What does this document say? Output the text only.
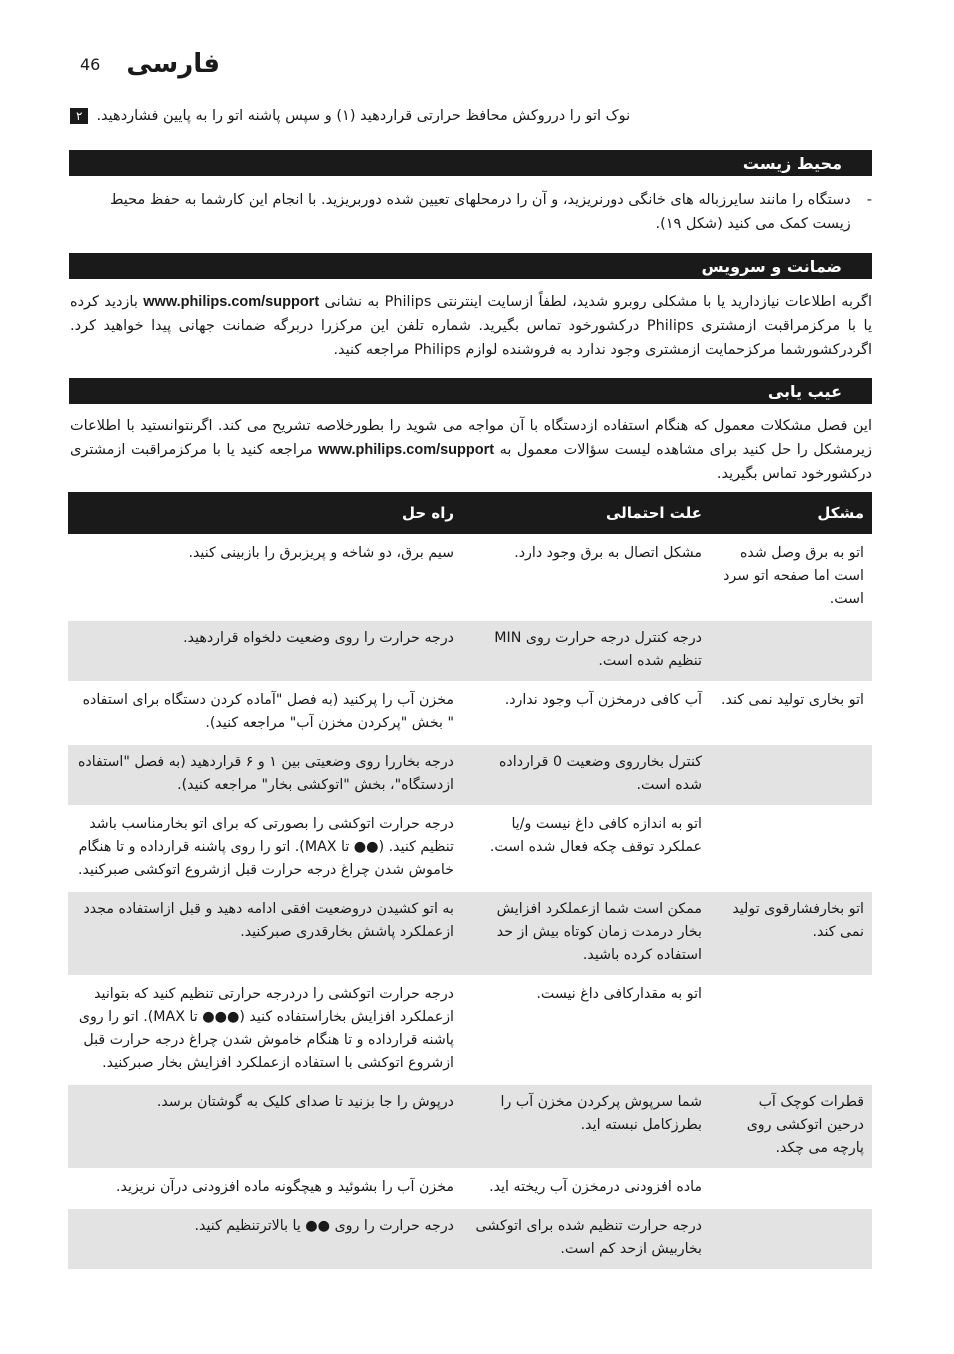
46 فارسی
۲ نوک اتو را درروکش محافظ حرارتی قراردهید (۱) و سپس پاشنه اتو را به پایین فشاردهید.
محیط زیست
-
دستگاه را مانند سایرزباله های خانگی دورنریزید، و آن را درمحلهای تعیین شده دوربریزید. با انجام این کارشما به حفظ محیط زیست کمک می کنید (شکل ۱۹).
ضمانت و سرویس
اگربه اطلاعات نیازدارید یا با مشکلی روبرو شدید، لطفاً ازسایت اینترنتی Philips به نشانی www.philips.com/support بازدید کرده یا با مرکزمراقبت ازمشتری Philips درکشورخود تماس بگیرید. شماره تلفن این مرکزرا دربرگه ضمانت جهانی پیدا خواهید کرد. اگردرکشورشما مرکزحمایت ازمشتری وجود ندارد به فروشنده لوازم Philips مراجعه کنید.
عیب یابی
این فصل مشکلات معمول که هنگام استفاده ازدستگاه با آن مواجه می شوید را بطورخلاصه تشریح می کند. اگرنتوانستید با اطلاعات زیرمشکل را حل کنید برای مشاهده لیست سؤالات معمول به www.philips.com/support مراجعه کنید یا با مرکزمراقبت ازمشتری درکشورخود تماس بگیرید.
مشکل	علت احتمالی	راه حل
اتو به برق وصل شده است اما صفحه اتو سرد است.	مشکل اتصال به برق وجود دارد.	سیم برق، دو شاخه و پریزبرق را بازبینی کنید.
	درجه کنترل درجه حرارت روی MIN تنظیم شده است.	درجه حرارت را روی وضعیت دلخواه قراردهید.
اتو بخاری تولید نمی کند.	آب کافی درمخزن آب وجود ندارد.	مخزن آب را پرکنید (به فصل "آماده کردن دستگاه برای استفاده " بخش "پرکردن مخزن آب" مراجعه کنید).
	کنترل بخارروی وضعیت 0 قرارداده شده است.	درجه بخاررا روی وضعیتی بین ۱ و ۶ قراردهید (به فصل "استفاده ازدستگاه"، بخش "اتوکشی بخار" مراجعه کنید).
	اتو به اندازه کافی داغ نیست و/یا عملکرد توقف چکه فعال شده است.	درجه حرارت اتوکشی را بصورتی که برای اتو بخارمناسب باشد تنظیم کنید. (●● تا MAX). اتو را روی پاشنه قرارداده و تا هنگام خاموش شدن چراغ درجه حرارت قبل ازشروع اتوکشی صبرکنید.
اتو بخارفشارقوی تولید نمی کند.	ممکن است شما ازعملکرد افزایش بخار درمدت زمان کوتاه بیش از حد استفاده کرده باشید.	به اتو کشیدن دروضعیت افقی ادامه دهید و قبل ازاستفاده مجدد ازعملکرد پاشش بخارقدری صبرکنید.
	اتو به مقدارکافی داغ نیست.	درجه حرارت اتوکشی را دردرجه حرارتی تنظیم کنید که بتوانید ازعملکرد افزایش بخاراستفاده کنید (●●● تا MAX). اتو را روی پاشنه قرارداده و تا هنگام خاموش شدن چراغ درجه حرارت قبل ازشروع اتوکشی با استفاده ازعملکرد افزایش بخار صبرکنید.
قطرات کوچک آب درحین اتوکشی روی پارچه می چکد.	شما سرپوش پرکردن مخزن آب را بطرزکامل نبسته اید.	درپوش را جا بزنید تا صدای کلیک به گوشتان برسد.
	ماده افزودنی درمخزن آب ریخته اید.	مخزن آب را بشوئید و هیچگونه ماده افزودنی درآن نریزید.
	درجه حرارت تنظیم شده برای اتوکشی بخاربیش ازحد کم است.	درجه حرارت را روی ●● یا بالاترتنظیم کنید.
